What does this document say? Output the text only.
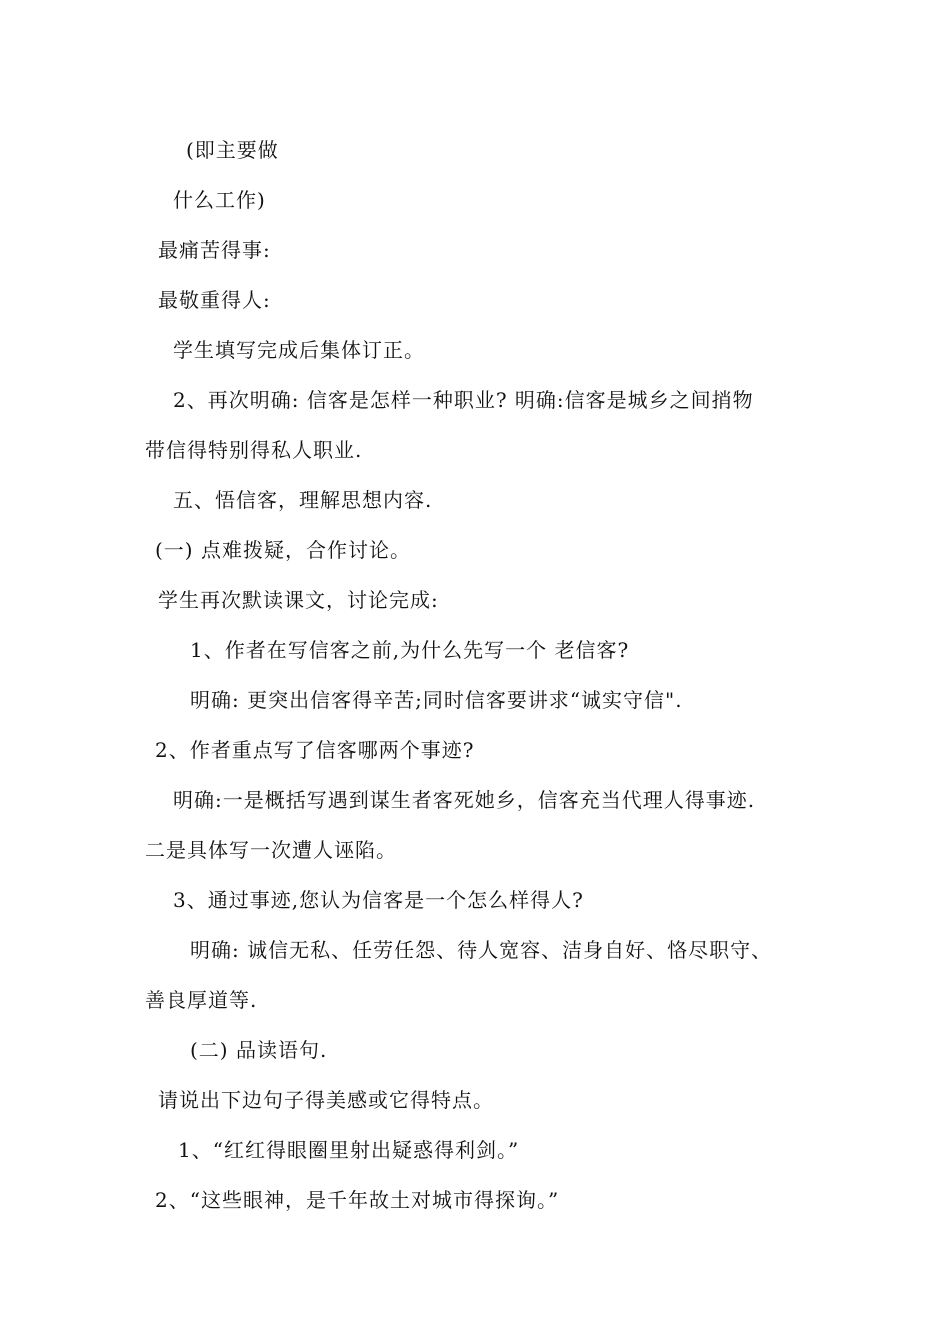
(即主要做
什么工作)
最痛苦得事:
最敬重得人:
学生填写完成后集体订正。
2、再次明确: 信客是怎样一种职业? 明确:信客是城乡之间捎物
带信得特别得私人职业.
五、悟信客，理解思想内容.
(一) 点难拨疑，合作讨论。
学生再次默读课文，讨论完成:
1、作者在写信客之前,为什么先写一个 老信客?
明确: 更突出信客得辛苦;同时信客要讲求“诚实守信".
2、作者重点写了信客哪两个事迹?
明确:一是概括写遇到谋生者客死她乡，信客充当代理人得事迹.
二是具体写一次遭人诬陷。
3、通过事迹,您认为信客是一个怎么样得人?
明确: 诚信无私、任劳任怨、待人宽容、洁身自好、恪尽职守、
善良厚道等.
(二) 品读语句.
请说出下边句子得美感或它得特点。
1、“红红得眼圈里射出疑惑得利剑。”
2、“这些眼神，是千年故土对城市得探询。”
